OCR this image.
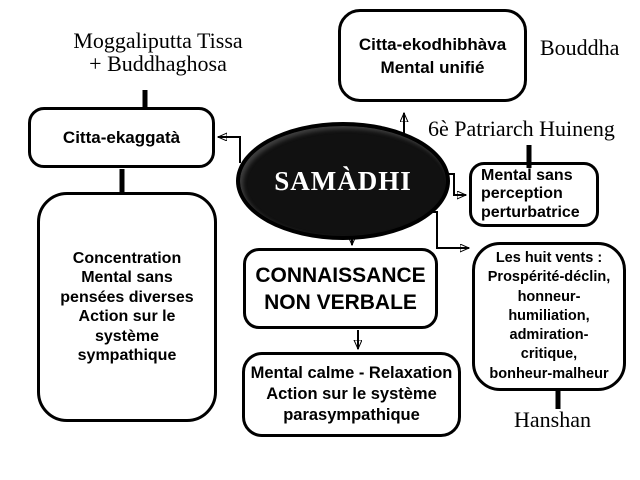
Citta-ekaggatà
Citta-ekodhibhàva
Mental unifié
Concentration
Mental sans
pensées diverses
Action sur le
système
sympathique
Mental sans
perception
perturbatrice
CONNAISSANCE
NON VERBALE
Mental calme - Relaxation
Action sur le système
parasympathique
Les huit vents :
Prospérité-déclin,
honneur-
humiliation,
admiration-
critique,
bonheur-malheur
SAMÀDHI
Moggaliputta Tissa
+ Buddhaghosa
Bouddha
6è Patriarch Huineng
Hanshan
